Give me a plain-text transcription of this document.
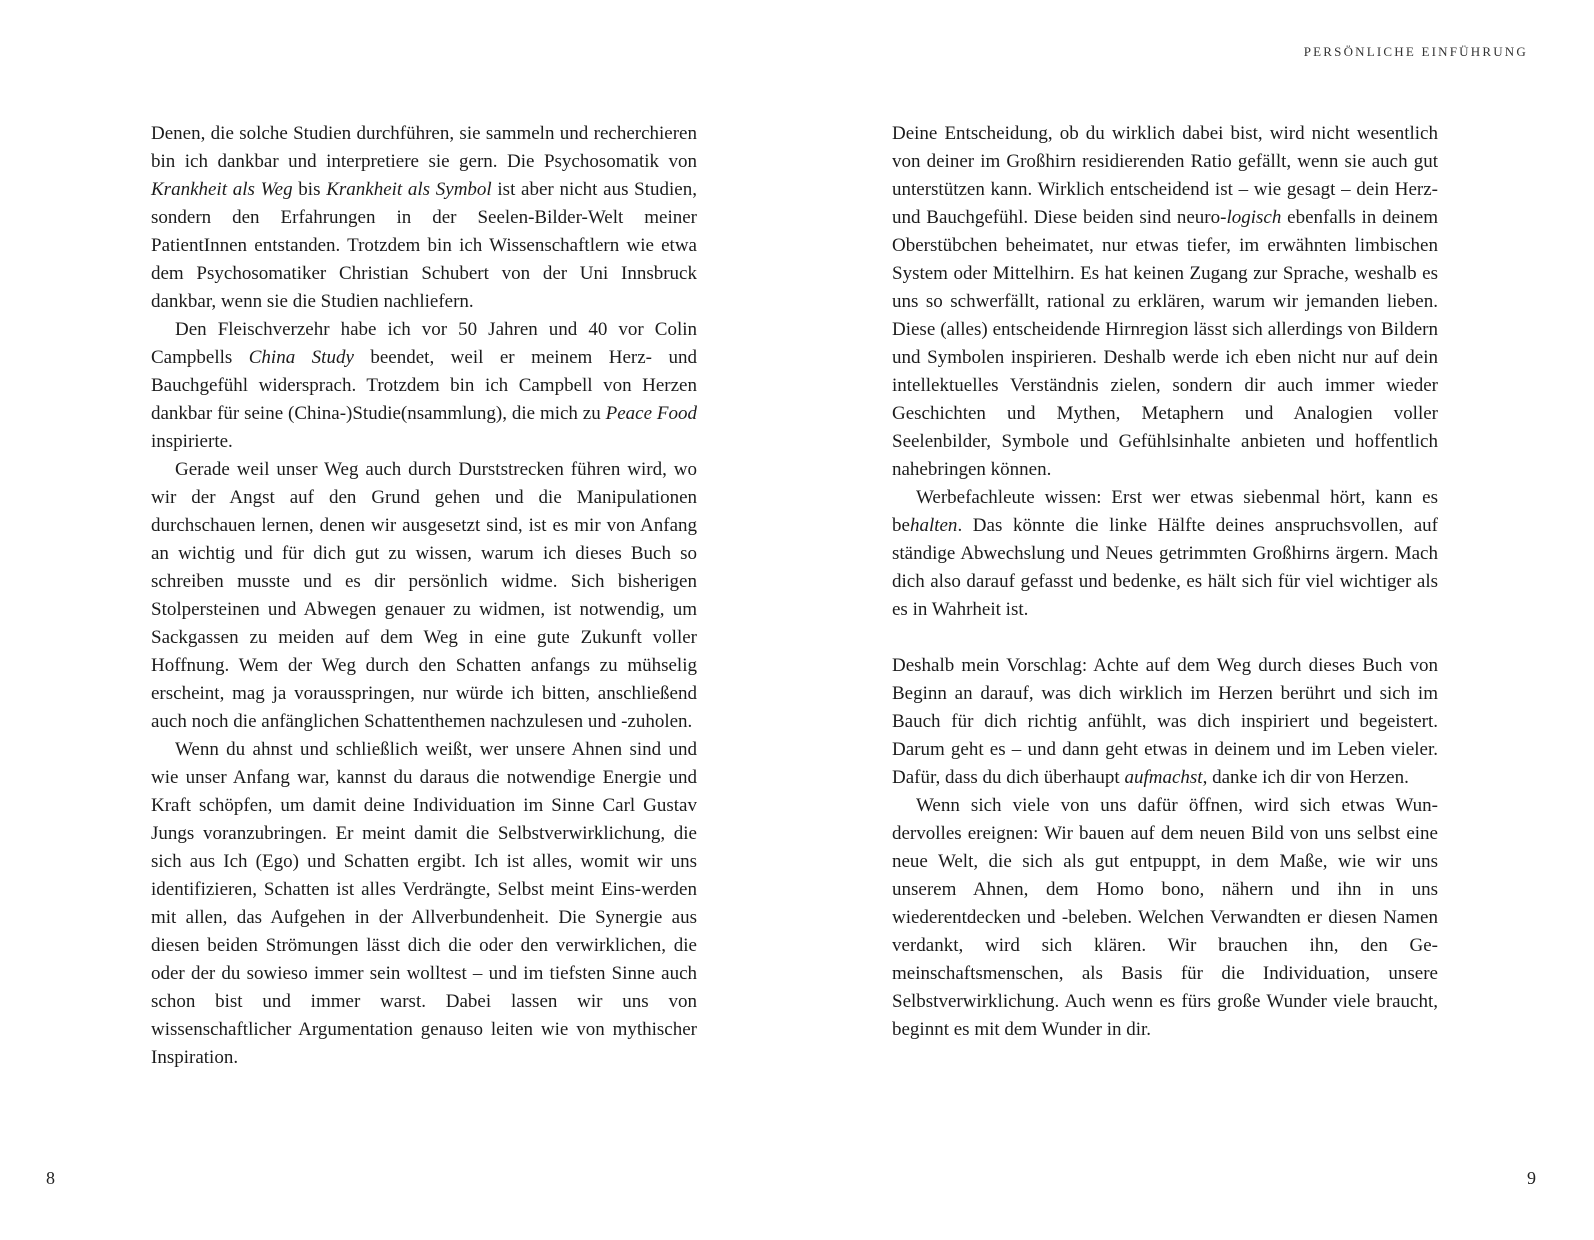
PERSÖNLICHE EINFÜHRUNG

Denen, die solche Studien durchführen, sie sammeln und recherchieren bin ich dankbar und interpretiere sie gern. Die Psychosomatik von Krankheit als Weg bis Krankheit als Symbol ist aber nicht aus Studien, sondern den Erfahrungen in der Seelen-Bilder-Welt meiner PatientInnen entstanden. Trotzdem bin ich Wissenschaftlern wie etwa dem Psychosomatiker Christian Schubert von der Uni Innsbruck dankbar, wenn sie die Studien nachliefern.

Den Fleischverzehr habe ich vor 50 Jahren und 40 vor Colin Campbells China Study beendet, weil er meinem Herz- und Bauchgefühl widersprach. Trotzdem bin ich Campbell von Herzen dankbar für seine (China-)Studie(nsammlung), die mich zu Peace Food inspirierte.

Gerade weil unser Weg auch durch Durststrecken führen wird, wo wir der Angst auf den Grund gehen und die Manipulationen durchschauen lernen, denen wir ausgesetzt sind, ist es mir von Anfang an wichtig und für dich gut zu wissen, warum ich dieses Buch so schreiben musste und es dir persönlich widme. Sich bisherigen Stolpersteinen und Abwegen genauer zu widmen, ist notwendig, um Sackgassen zu meiden auf dem Weg in eine gute Zukunft voller Hoffnung. Wem der Weg durch den Schatten anfangs zu mühselig erscheint, mag ja vorausspringen, nur würde ich bitten, anschließend auch noch die anfänglichen Schattenthemen nachzulesen und -zuholen.

Wenn du ahnst und schließlich weißt, wer unsere Ahnen sind und wie unser Anfang war, kannst du daraus die notwendige Energie und Kraft schöpfen, um damit deine Individuation im Sinne Carl Gustav Jungs voranzubringen. Er meint damit die Selbstverwirklichung, die sich aus Ich (Ego) und Schatten ergibt. Ich ist alles, womit wir uns identifizieren, Schatten ist alles Verdrängte, Selbst meint Eins-werden mit allen, das Aufgehen in der Allverbundenheit. Die Synergie aus diesen beiden Strömungen lässt dich die oder den verwirklichen, die oder der du sowieso immer sein wolltest – und im tiefsten Sinne auch schon bist und immer warst. Dabei lassen wir uns von wissenschaftlicher Argumentation genauso leiten wie von mythischer Inspiration.

Deine Entscheidung, ob du wirklich dabei bist, wird nicht wesentlich von deiner im Großhirn residierenden Ratio gefällt, wenn sie auch gut unterstützen kann. Wirklich entscheidend ist – wie gesagt – dein Herz- und Bauchgefühl. Diese beiden sind neuro-logisch ebenfalls in deinem Oberstübchen beheimatet, nur etwas tiefer, im erwähnten limbischen System oder Mittelhirn. Es hat keinen Zugang zur Sprache, weshalb es uns so schwerfällt, rational zu erklären, warum wir jemanden lieben. Diese (alles) entscheidende Hirnregion lässt sich allerdings von Bildern und Symbolen inspirieren. Deshalb werde ich eben nicht nur auf dein intellektuelles Verständnis zielen, sondern dir auch immer wieder Geschichten und Mythen, Metaphern und Analogien voller Seelenbilder, Symbole und Gefühlsinhalte anbieten und hoffentlich nahebringen können.

Werbefachleute wissen: Erst wer etwas siebenmal hört, kann es behalten. Das könnte die linke Hälfte deines anspruchsvollen, auf ständige Abwechslung und Neues getrimmten Großhirns ärgern. Mach dich also darauf gefasst und bedenke, es hält sich für viel wichtiger als es in Wahrheit ist.

Deshalb mein Vorschlag: Achte auf dem Weg durch dieses Buch von Beginn an darauf, was dich wirklich im Herzen berührt und sich im Bauch für dich richtig anfühlt, was dich inspiriert und begeistert. Darum geht es – und dann geht etwas in deinem und im Leben vieler. Dafür, dass du dich überhaupt aufmachst, danke ich dir von Herzen.

Wenn sich viele von uns dafür öffnen, wird sich etwas Wundervolles ereignen: Wir bauen auf dem neuen Bild von uns selbst eine neue Welt, die sich als gut entpuppt, in dem Maße, wie wir uns unserem Ahnen, dem Homo bono, nähern und ihn in uns wiederentdecken und -beleben. Welchen Verwandten er diesen Namen verdankt, wird sich klären. Wir brauchen ihn, den Gemeinschaftsmenschen, als Basis für die Individuation, unsere Selbstverwirklichung. Auch wenn es fürs große Wunder viele braucht, beginnt es mit dem Wunder in dir.

8	9
